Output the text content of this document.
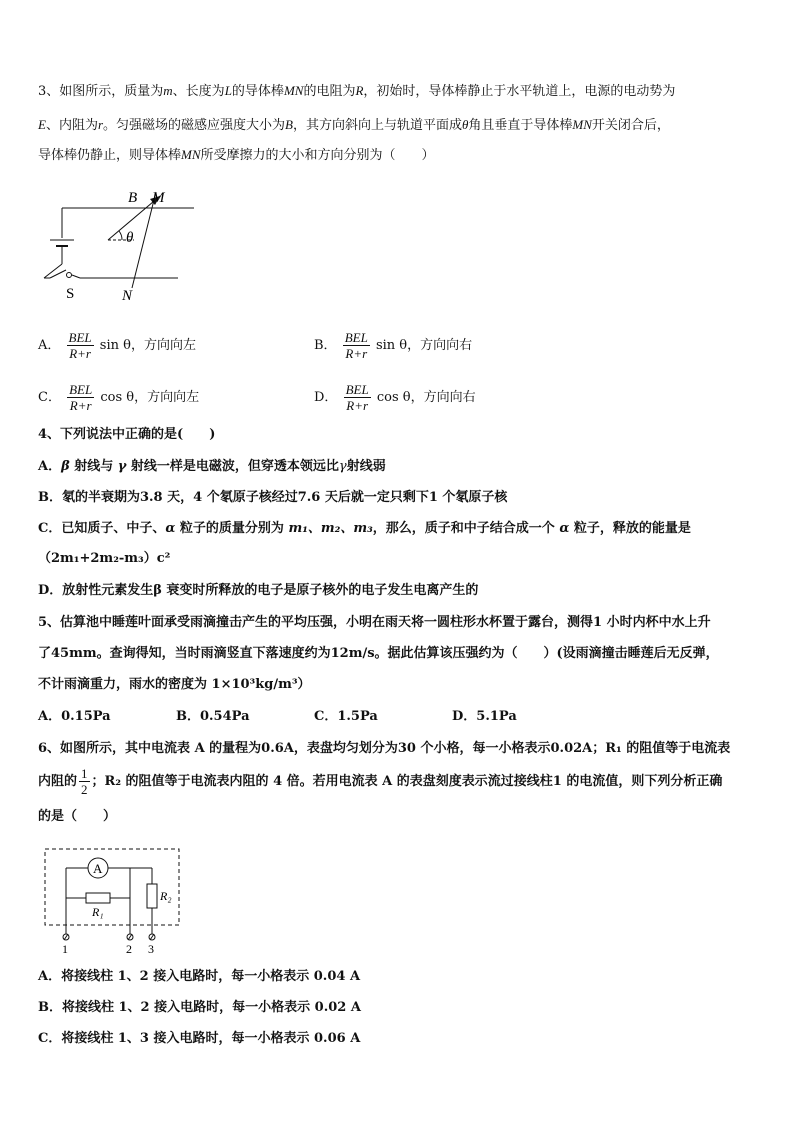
3、如图所示，质量为m、长度为L的导体棒MN的电阻为R，初始时，导体棒静止于水平轨道上，电源的电动势为
E、内阻为r。匀强磁场的磁感应强度大小为B，其方向斜向上与轨道平面成θ角且垂直于导体棒MN开关闭合后，
导体棒仍静止，则导体棒MN所受摩擦力的大小和方向分别为（　　）
B M
θ
S	N
A． $\frac{\text{BEL}}{R+r}$ sin θ，方向向左	B． $\frac{\text{BEL}}{R+r}$ sin θ，方向向右
C． $\frac{\text{BEL}}{R+r}$ cos θ，方向向左	D． $\frac{\text{BEL}}{R+r}$ cos θ，方向向右
4、下列说法中正确的是(　　)
A．β 射线与 γ 射线一样是电磁波，但穿透本领远比γ射线弱
B．氡的半衰期为3.8 天，4 个氡原子核经过7.6 天后就一定只剩下1 个氡原子核
C．已知质子、中子、α 粒子的质量分别为 m₁、m₂、m₃，那么，质子和中子结合成一个 α 粒子，释放的能量是
（2m₁+2m₂-m₃）c²
D．放射性元素发生β 衰变时所释放的电子是原子核外的电子发生电离产生的
5、估算池中睡莲叶面承受雨滴撞击产生的平均压强，小明在雨天将一圆柱形水杯置于露台，测得1 小时内杯中水上升
了45mm。查询得知，当时雨滴竖直下落速度约为12m/s。据此估算该压强约为（　　）(设雨滴撞击睡莲后无反弹，
不计雨滴重力，雨水的密度为 1×10³kg/m³）
A．0.15Pa	B．0.54Pa	C．1.5Pa	D．5.1Pa
6、如图所示，其中电流表 A 的量程为0.6A，表盘均匀划分为30 个小格，每一小格表示0.02A；R₁ 的阻值等于电流表
内阻的 $\frac{1}{2}$ ；R₂ 的阻值等于电流表内阻的 4 倍。若用电流表 A 的表盘刻度表示流过接线柱1 的电流值，则下列分析正确
的是（　　）
A
R₁
R₂
1	2 3
A．将接线柱 1、2 接入电路时，每一小格表示 0.04 A
B．将接线柱 1、2 接入电路时，每一小格表示 0.02 A
C．将接线柱 1、3 接入电路时，每一小格表示 0.06 A
